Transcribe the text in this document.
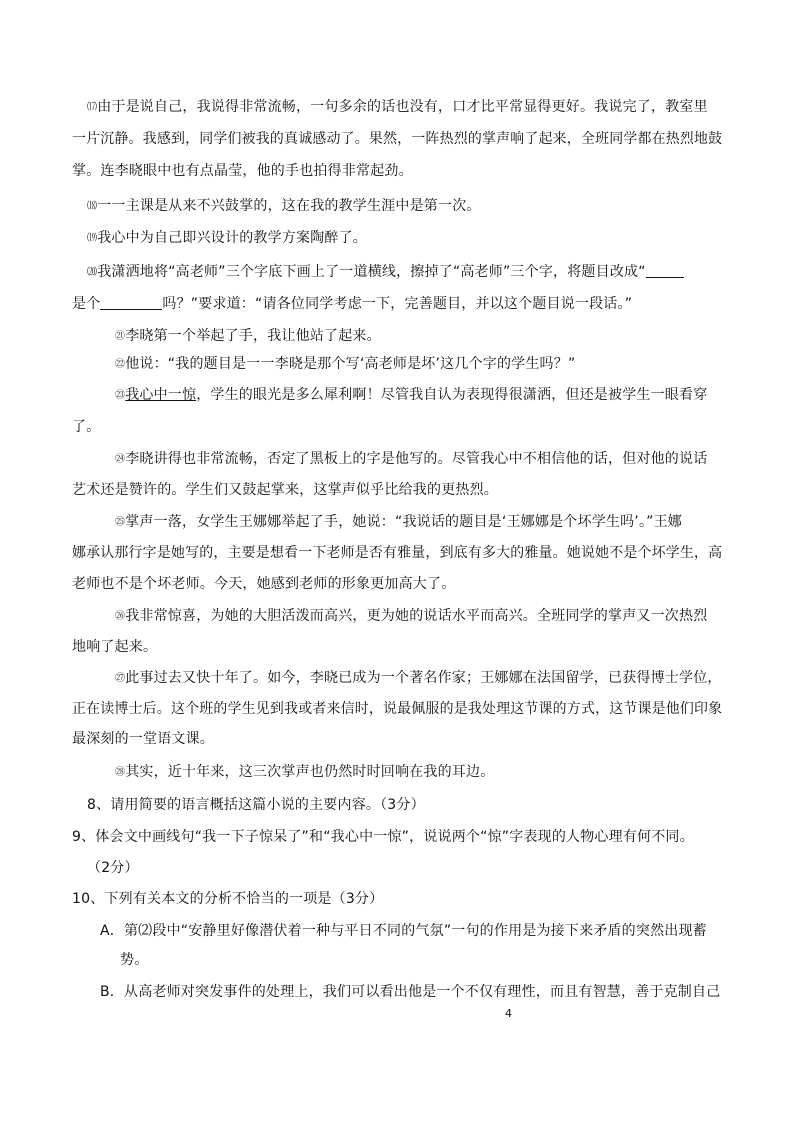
⒄由于是说自己，我说得非常流畅，一句多余的话也没有，口才比平常显得更好。我说完了，教室里
一片沉静。我感到，同学们被我的真诚感动了。果然，一阵热烈的掌声响了起来，全班同学都在热烈地鼓
掌。连李晓眼中也有点晶莹，他的手也拍得非常起劲。
⒅一一主课是从来不兴鼓掌的，这在我的教学生涯中是第一次。
⒆我心中为自己即兴设计的教学方案陶醉了。
⒇我潇洒地将“高老师”三个字底下画上了一道横线，擦掉了“高老师”三个字，将题目改成“
是个	吗？”要求道：“请各位同学考虑一下，完善题目，并以这个题目说一段话。”
㉑李晓第一个举起了手，我让他站了起来。
㉒他说：“我的题目是一一李晓是那个写‘高老师是坏’这几个字的学生吗？”
㉓我心中一惊，学生的眼光是多么犀利啊！尽管我自认为表现得很潇洒，但还是被学生一眼看穿
了。
㉔李晓讲得也非常流畅，否定了黑板上的字是他写的。尽管我心中不相信他的话，但对他的说话
艺术还是赞许的。学生们又鼓起掌来，这掌声似乎比给我的更热烈。
㉕掌声一落，女学生王娜娜举起了手，她说：“我说话的题目是‘王娜娜是个坏学生吗’。”王娜
娜承认那行字是她写的，主要是想看一下老师是否有雅量，到底有多大的雅量。她说她不是个坏学生，高
老师也不是个坏老师。今天，她感到老师的形象更加高大了。
㉖我非常惊喜，为她的大胆活泼而高兴，更为她的说话水平而高兴。全班同学的掌声又一次热烈
地响了起来。
㉗此事过去又快十年了。如今，李晓已成为一个著名作家；王娜娜在法国留学，已获得博士学位，
正在读博士后。这个班的学生见到我或者来信时，说最佩服的是我处理这节课的方式，这节课是他们印象
最深刻的一堂语文课。
㉘其实，近十年来，这三次掌声也仍然时时回响在我的耳边。
8、请用简要的语言概括这篇小说的主要内容。（3分）
9、体会文中画线句“我一下子惊呆了”和“我心中一惊”，说说两个“惊”字表现的人物心理有何不同。
（2分）
10、下列有关本文的分析不恰当的一项是（3分）
A．第⑵段中“安静里好像潜伏着一种与平日不同的气氛”一句的作用是为接下来矛盾的突然出现蓄
势。
B．从高老师对突发事件的处理上，我们可以看出他是一个不仅有理性，而且有智慧，善于克制自己
4
